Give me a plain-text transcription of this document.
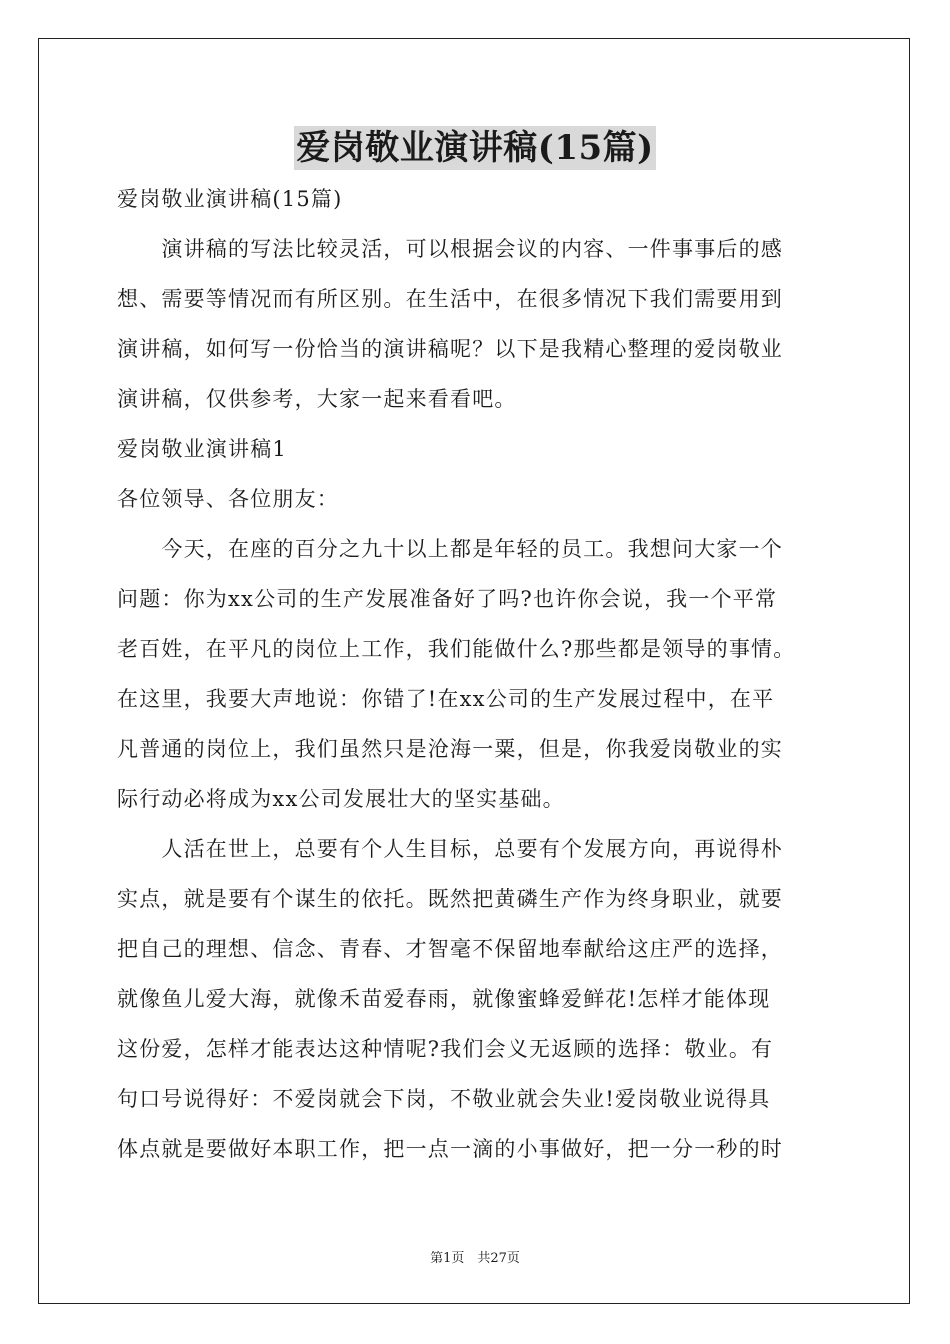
爱岗敬业演讲稿(15篇)
爱岗敬业演讲稿(15篇)
　　演讲稿的写法比较灵活，可以根据会议的内容、一件事事后的感
想、需要等情况而有所区别。在生活中，在很多情况下我们需要用到
演讲稿，如何写一份恰当的演讲稿呢？以下是我精心整理的爱岗敬业
演讲稿，仅供参考，大家一起来看看吧。
爱岗敬业演讲稿1
各位领导、各位朋友：
　　今天，在座的百分之九十以上都是年轻的员工。我想问大家一个
问题：你为xx公司的生产发展准备好了吗?也许你会说，我一个平常
老百姓，在平凡的岗位上工作，我们能做什么?那些都是领导的事情。
在这里，我要大声地说：你错了!在xx公司的生产发展过程中，在平
凡普通的岗位上，我们虽然只是沧海一粟，但是，你我爱岗敬业的实
际行动必将成为xx公司发展壮大的坚实基础。
　　人活在世上，总要有个人生目标，总要有个发展方向，再说得朴
实点，就是要有个谋生的依托。既然把黄磷生产作为终身职业，就要
把自己的理想、信念、青春、才智毫不保留地奉献给这庄严的选择，
就像鱼儿爱大海，就像禾苗爱春雨，就像蜜蜂爱鲜花!怎样才能体现
这份爱，怎样才能表达这种情呢?我们会义无返顾的选择：敬业。有
句口号说得好：不爱岗就会下岗，不敬业就会失业!爱岗敬业说得具
体点就是要做好本职工作，把一点一滴的小事做好，把一分一秒的时
第1页　共27页
